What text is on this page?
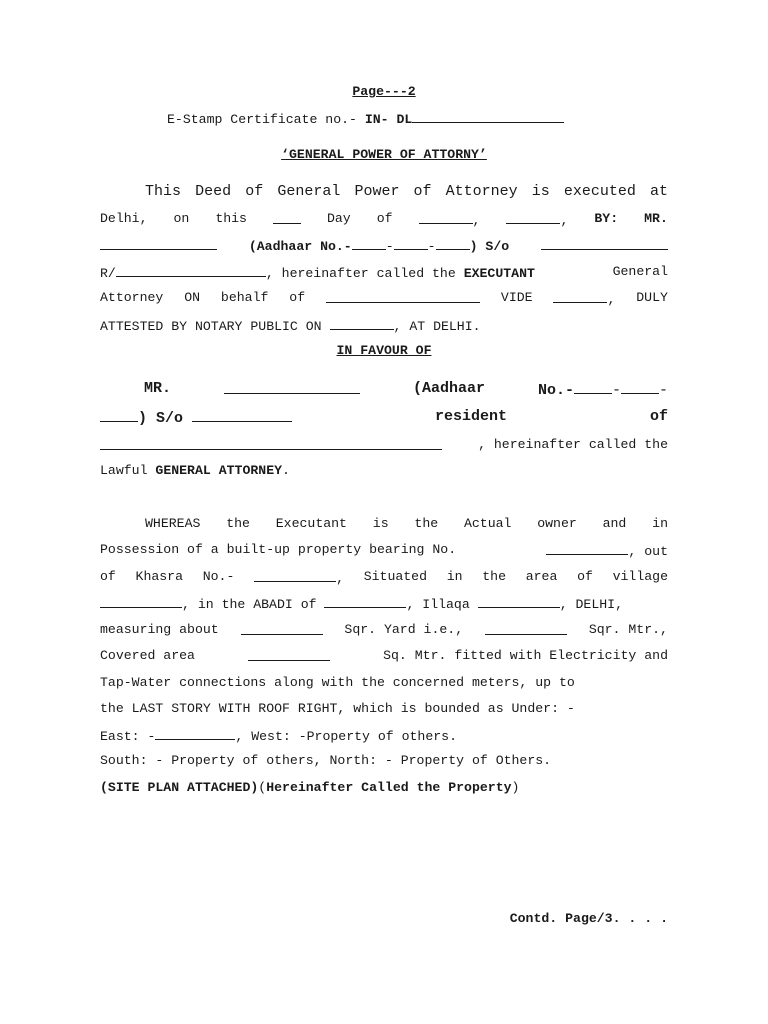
Page---2
E-Stamp Certificate no.- IN- DL
‘GENERAL POWER OF ATTORNY’
This Deed of General Power of Attorney is executed at
Delhi, on this	Day of	,	, BY: MR.
(Aadhaar No.-	-	-	) S/o
R/	, hereinafter called the EXECUTANT	General
Attorney ON behalf of	VIDE	, DULY
ATTESTED BY NOTARY PUBLIC ON	, AT DELHI.
IN FAVOUR OF
MR.	(Aadhaar	No.-	-	-
) S/o	resident	of
, hereinafter called the
Lawful GENERAL ATTORNEY.
WHEREAS the Executant is the Actual owner and in
Possession of a built-up property bearing No.	, out
of Khasra No.-	, Situated in the area of village
, in the ABADI of	, Illaqa	, DELHI,
measuring about	Sqr. Yard i.e.,	Sqr. Mtr.,
Covered area	Sq. Mtr. fitted with Electricity and
Tap-Water connections along with the concerned meters, up to
the LAST STORY WITH ROOF RIGHT, which is bounded as Under: -
East: -	, West: -Property of others.
South: - Property of others, North: - Property of Others.
(SITE PLAN ATTACHED)(Hereinafter Called the Property)
Contd. Page/3. . . .
